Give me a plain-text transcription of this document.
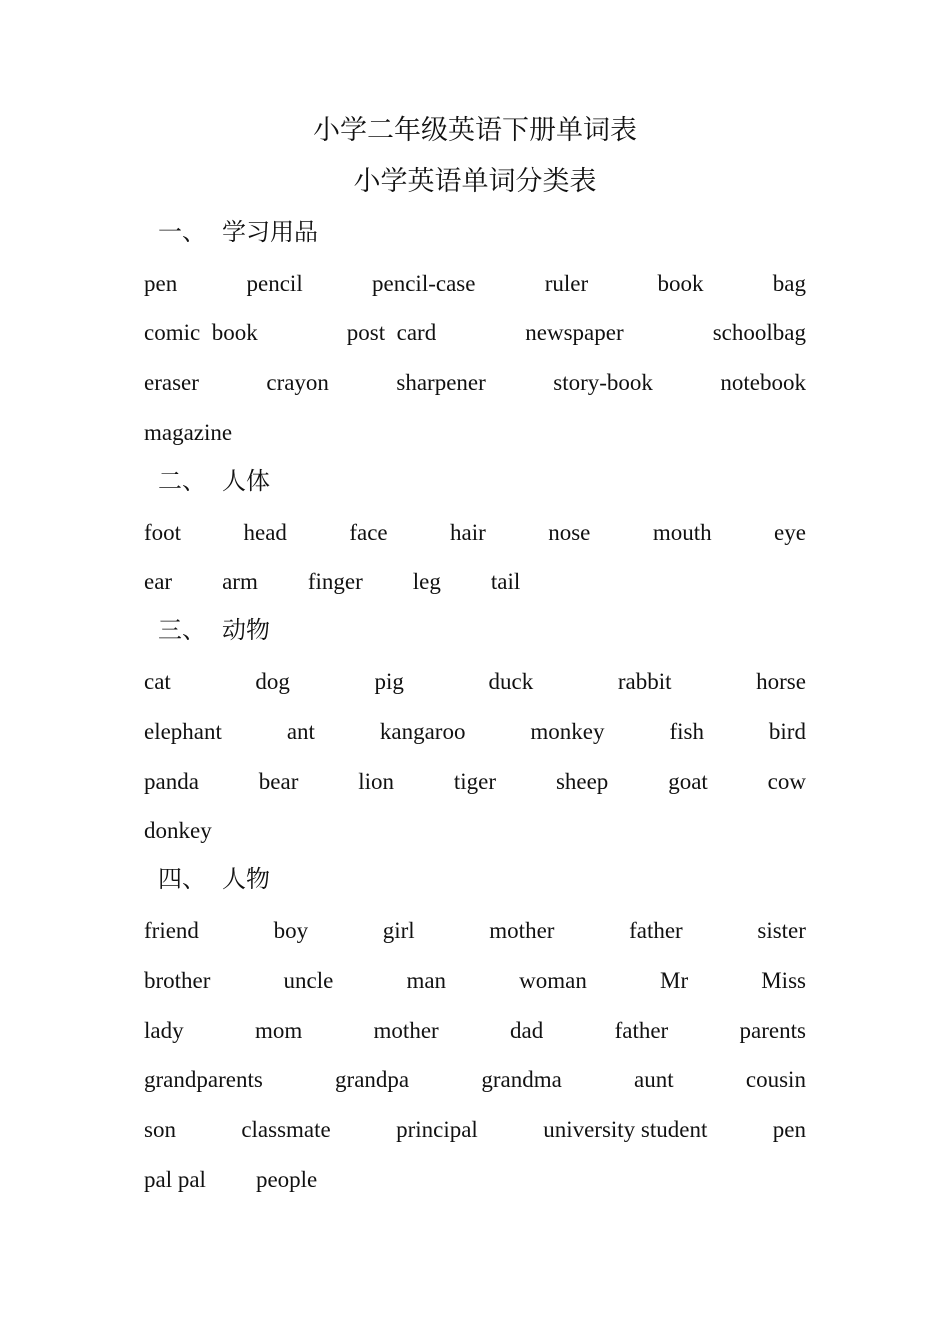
小学二年级英语下册单词表
小学英语单词分类表
一、 学习用品
pen	pencil	pencil-case	ruler	book	bag
comic  book	post  card	newspaper	schoolbag
eraser	crayon	sharpener	story-book	notebook
magazine
二、 人体
foot	head	face	hair	nose	mouth	eye
ear arm finger leg tail
三、 动物
cat	dog	pig	duck	rabbit	horse
elephant	ant	kangaroo	monkey	fish	bird
panda	bear	lion	tiger	sheep	goat	cow
donkey
四、 人物
friend	boy	girl	mother	father	sister
brother	uncle	man	woman	Mr	Miss
lady	mom	mother	dad	father	parents
grandparents	grandpa	grandma	aunt	cousin
son	classmate	principal	university student	pen
pal pal people
